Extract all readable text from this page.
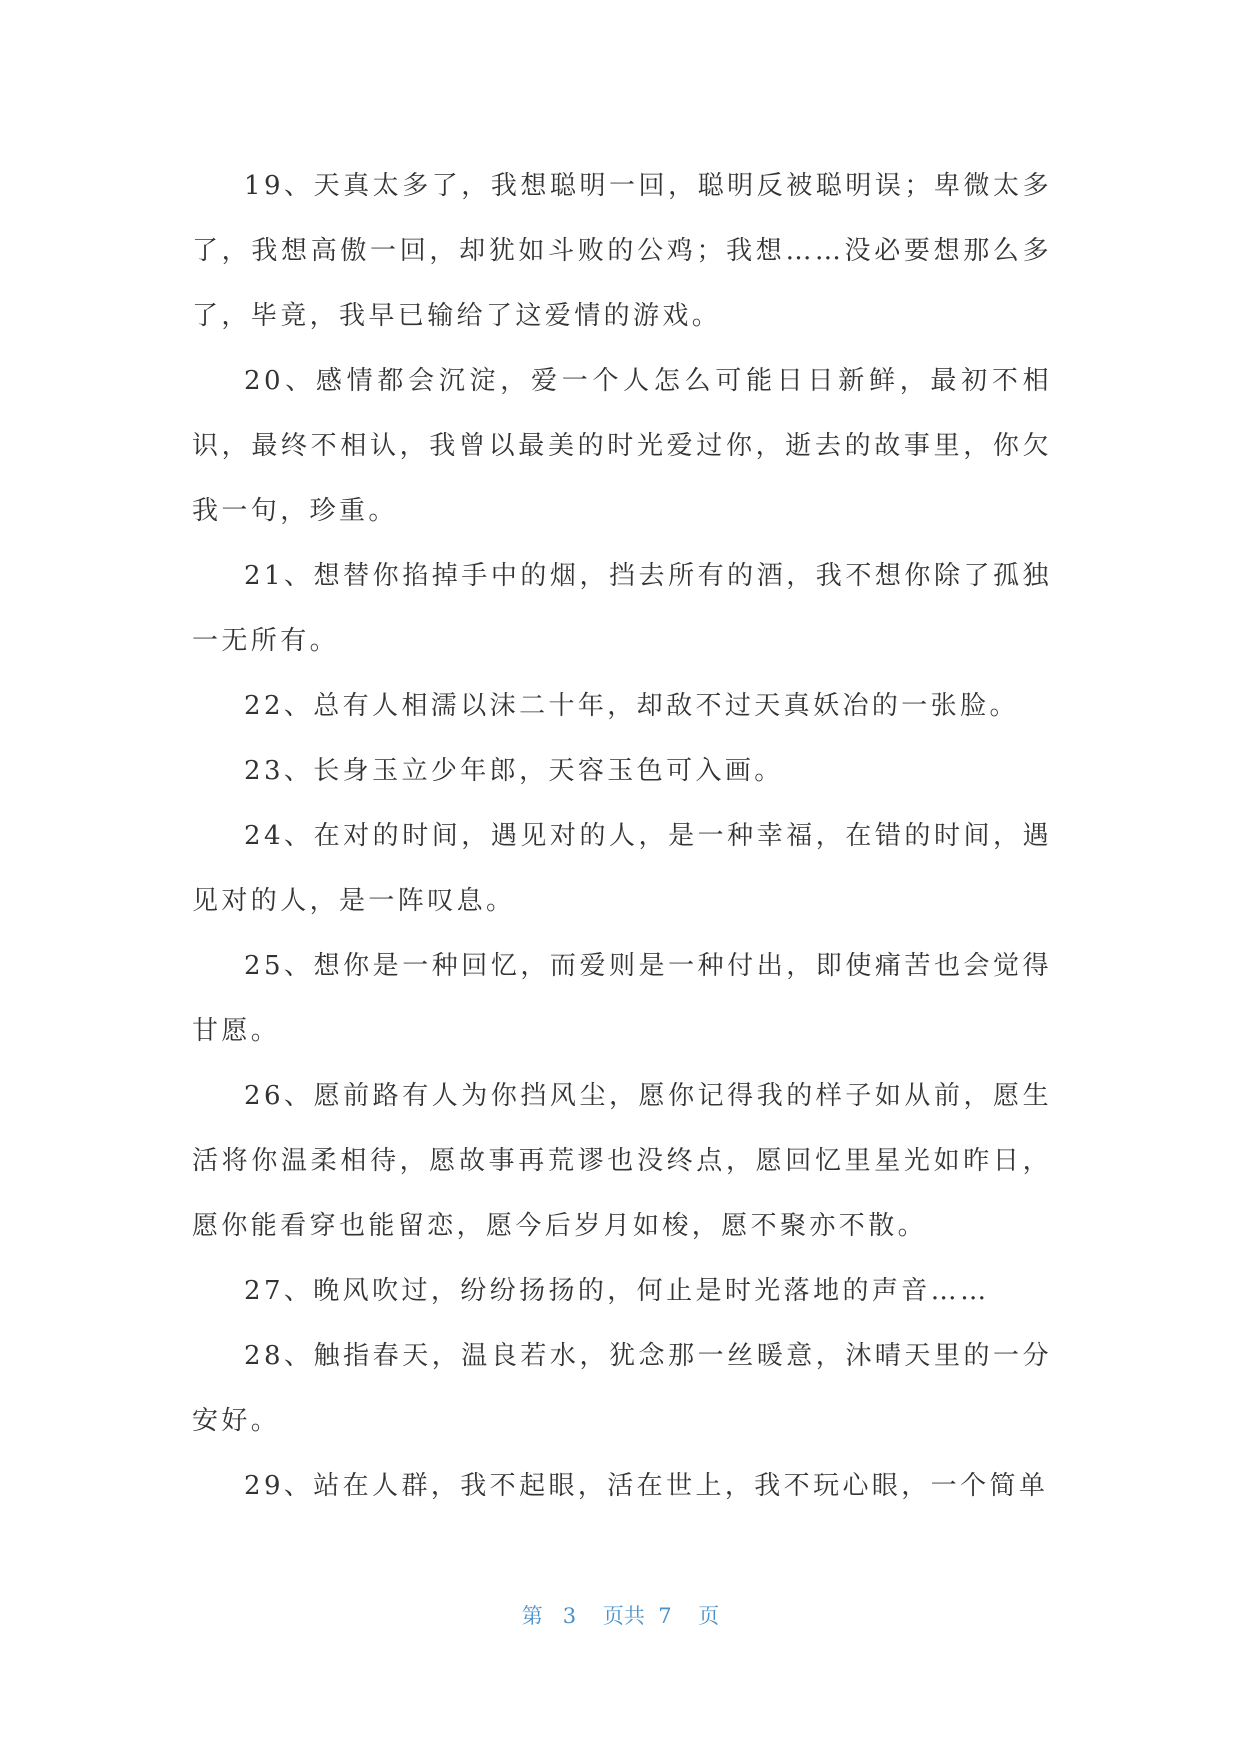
19、天真太多了，我想聪明一回，聪明反被聪明误；卑微太多了，我想高傲一回，却犹如斗败的公鸡；我想……没必要想那么多了，毕竟，我早已输给了这爱情的游戏。

20、感情都会沉淀，爱一个人怎么可能日日新鲜，最初不相识，最终不相认，我曾以最美的时光爱过你，逝去的故事里，你欠我一句，珍重。

21、想替你掐掉手中的烟，挡去所有的酒，我不想你除了孤独一无所有。

22、总有人相濡以沫二十年，却敌不过天真妖冶的一张脸。

23、长身玉立少年郎，天容玉色可入画。

24、在对的时间，遇见对的人，是一种幸福，在错的时间，遇见对的人，是一阵叹息。

25、想你是一种回忆，而爱则是一种付出，即使痛苦也会觉得甘愿。

26、愿前路有人为你挡风尘，愿你记得我的样子如从前，愿生活将你温柔相待，愿故事再荒谬也没终点，愿回忆里星光如昨日，愿你能看穿也能留恋，愿今后岁月如梭，愿不聚亦不散。

27、晚风吹过，纷纷扬扬的，何止是时光落地的声音……

28、触指春天，温良若水，犹念那一丝暖意，沐晴天里的一分安好。

29、站在人群，我不起眼，活在世上，我不玩心眼，一个简单

第 3 页共 7 页
